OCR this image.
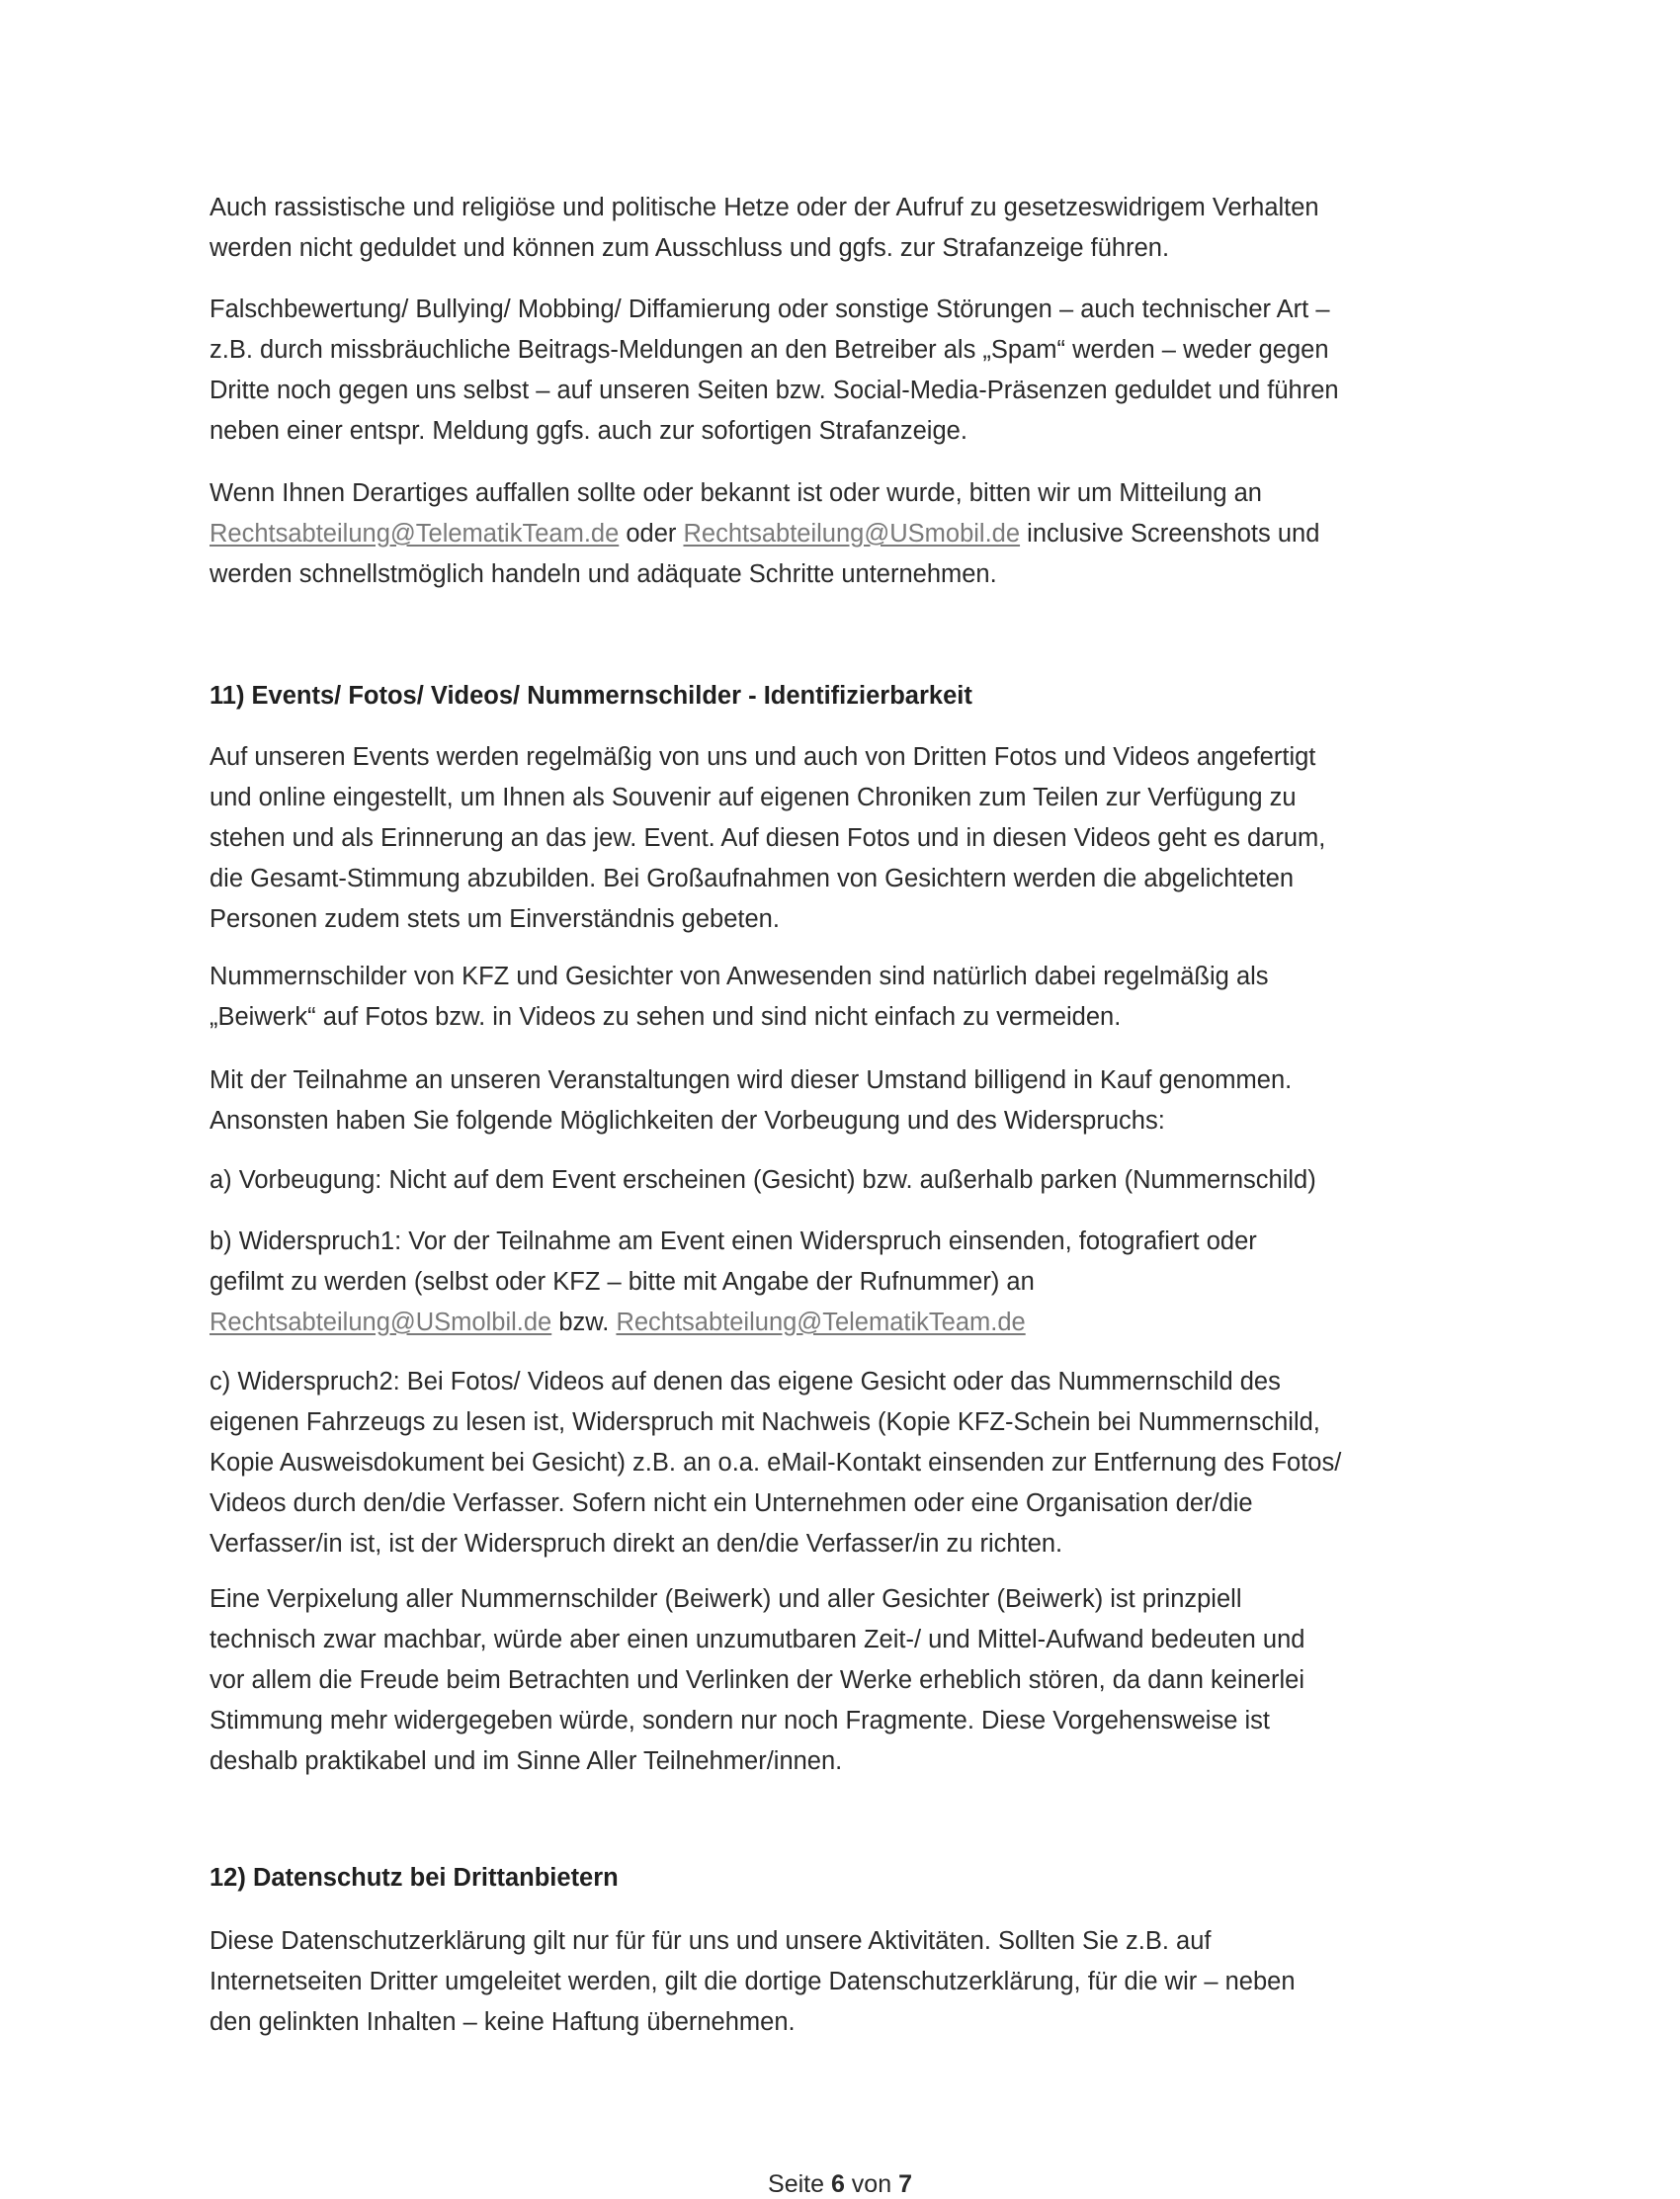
Auch rassistische und religiöse und politische Hetze oder der Aufruf zu gesetzeswidrigem Verhalten
werden nicht geduldet und können zum Ausschluss und ggfs. zur Strafanzeige führen.

Falschbewertung/ Bullying/ Mobbing/ Diffamierung oder sonstige Störungen – auch technischer Art –
z.B. durch missbräuchliche Beitrags-Meldungen an den Betreiber als „Spam“ werden – weder gegen
Dritte noch gegen uns selbst – auf unseren Seiten bzw. Social-Media-Präsenzen geduldet und führen
neben einer entspr. Meldung ggfs. auch zur sofortigen Strafanzeige.

Wenn Ihnen Derartiges auffallen sollte oder bekannt ist oder wurde, bitten wir um Mitteilung an
Rechtsabteilung@TelematikTeam.de oder Rechtsabteilung@USmobil.de inclusive Screenshots und
werden schnellstmöglich handeln und adäquate Schritte unternehmen.

11) Events/ Fotos/ Videos/ Nummernschilder - Identifizierbarkeit

Auf unseren Events werden regelmäßig von uns und auch von Dritten Fotos und Videos angefertigt
und online eingestellt, um Ihnen als Souvenir auf eigenen Chroniken zum Teilen zur Verfügung zu
stehen und als Erinnerung an das jew. Event. Auf diesen Fotos und in diesen Videos geht es darum,
die Gesamt-Stimmung abzubilden. Bei Großaufnahmen von Gesichtern werden die abgelichteten
Personen zudem stets um Einverständnis gebeten.

Nummernschilder von KFZ und Gesichter von Anwesenden sind natürlich dabei regelmäßig als
„Beiwerk“ auf Fotos bzw. in Videos zu sehen und sind nicht einfach zu vermeiden.

Mit der Teilnahme an unseren Veranstaltungen wird dieser Umstand billigend in Kauf genommen.
Ansonsten haben Sie folgende Möglichkeiten der Vorbeugung und des Widerspruchs:

a) Vorbeugung: Nicht auf dem Event erscheinen (Gesicht) bzw. außerhalb parken (Nummernschild)

b) Widerspruch1: Vor der Teilnahme am Event einen Widerspruch einsenden, fotografiert oder
gefilmt zu werden (selbst oder KFZ – bitte mit Angabe der Rufnummer) an
Rechtsabteilung@USmolbil.de bzw. Rechtsabteilung@TelematikTeam.de

c) Widerspruch2: Bei Fotos/ Videos auf denen das eigene Gesicht oder das Nummernschild des
eigenen Fahrzeugs zu lesen ist, Widerspruch mit Nachweis (Kopie KFZ-Schein bei Nummernschild,
Kopie Ausweisdokument bei Gesicht) z.B. an o.a. eMail-Kontakt einsenden zur Entfernung des Fotos/
Videos durch den/die Verfasser. Sofern nicht ein Unternehmen oder eine Organisation der/die
Verfasser/in ist, ist der Widerspruch direkt an den/die Verfasser/in zu richten.

Eine Verpixelung aller Nummernschilder (Beiwerk) und aller Gesichter (Beiwerk) ist prinzpiell
technisch zwar machbar, würde aber einen unzumutbaren Zeit-/ und Mittel-Aufwand bedeuten und
vor allem die Freude beim Betrachten und Verlinken der Werke erheblich stören, da dann keinerlei
Stimmung mehr widergegeben würde, sondern nur noch Fragmente. Diese Vorgehensweise ist
deshalb praktikabel und im Sinne Aller Teilnehmer/innen.

12) Datenschutz bei Drittanbietern

Diese Datenschutzerklärung gilt nur für für uns und unsere Aktivitäten. Sollten Sie z.B. auf
Internetseiten Dritter umgeleitet werden, gilt die dortige Datenschutzerklärung, für die wir – neben
den gelinkten Inhalten – keine Haftung übernehmen.

Seite 6 von 7
